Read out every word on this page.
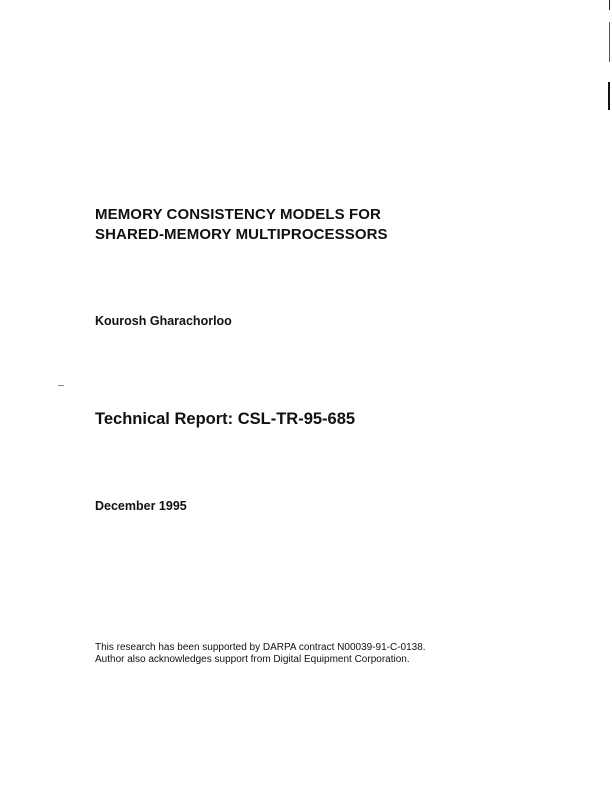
MEMORY CONSISTENCY MODELS FOR
SHARED-MEMORY MULTIPROCESSORS
Kourosh Gharachorloo
Technical Report: CSL-TR-95-685
December 1995
This research has been supported by DARPA contract N00039-91-C-0138.
Author also acknowledges support from Digital Equipment Corporation.
